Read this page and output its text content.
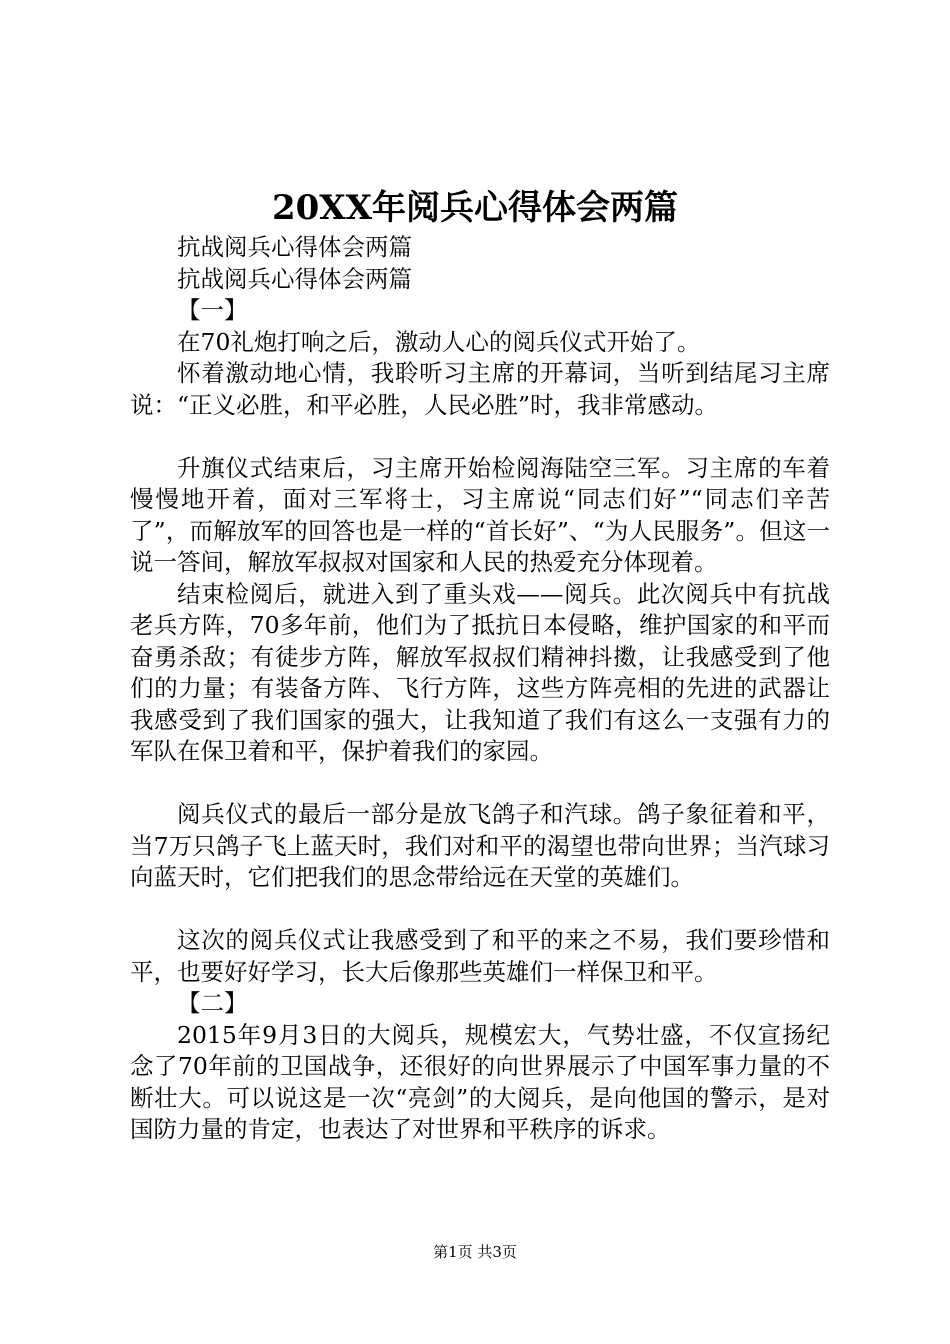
20XX年阅兵心得体会两篇

抗战阅兵心得体会两篇

抗战阅兵心得体会两篇

【一】

在70礼炮打响之后，激动人心的阅兵仪式开始了。

怀着激动地心情，我聆听习主席的开幕词，当听到结尾习主席说：“正义必胜，和平必胜，人民必胜”时，我非常感动。

升旗仪式结束后，习主席开始检阅海陆空三军。习主席的车着慢慢地开着，面对三军将士，习主席说“同志们好”“同志们辛苦了”，而解放军的回答也是一样的“首长好”、“为人民服务”。但这一说一答间，解放军叔叔对国家和人民的热爱充分体现着。

结束检阅后，就进入到了重头戏——阅兵。此次阅兵中有抗战老兵方阵，70多年前，他们为了抵抗日本侵略，维护国家的和平而奋勇杀敌；有徒步方阵，解放军叔叔们精神抖擞，让我感受到了他们的力量；有装备方阵、飞行方阵，这些方阵亮相的先进的武器让我感受到了我们国家的强大，让我知道了我们有这么一支强有力的军队在保卫着和平，保护着我们的家园。

阅兵仪式的最后一部分是放飞鸽子和汽球。鸽子象征着和平，当7万只鸽子飞上蓝天时，我们对和平的渴望也带向世界；当汽球习向蓝天时，它们把我们的思念带给远在天堂的英雄们。

这次的阅兵仪式让我感受到了和平的来之不易，我们要珍惜和平，也要好好学习，长大后像那些英雄们一样保卫和平。

【二】

2015年9月3日的大阅兵，规模宏大，气势壮盛，不仅宣扬纪念了70年前的卫国战争，还很好的向世界展示了中国军事力量的不断壮大。可以说这是一次“亮剑”的大阅兵，是向他国的警示，是对国防力量的肯定，也表达了对世界和平秩序的诉求。

第1页 共3页
